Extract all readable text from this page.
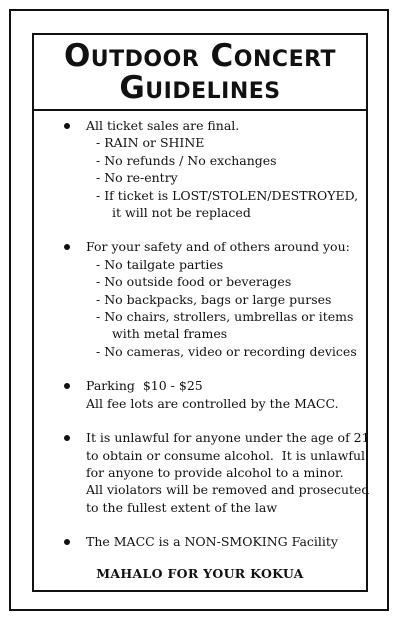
Outdoor Concert
Guidelines
All ticket sales are final.
- RAIN or SHINE
- No refunds / No exchanges
- No re-entry
- If ticket is LOST/STOLEN/DESTROYED,
it will not be replaced
For your safety and of others around you:
- No tailgate parties
- No outside food or beverages
- No backpacks, bags or large purses
- No chairs, strollers, umbrellas or items
with metal frames
- No cameras, video or recording devices
Parking  $10 - $25
All fee lots are controlled by the MACC.
It is unlawful for anyone under the age of 21
to obtain or consume alcohol.  It is unlawful
for anyone to provide alcohol to a minor.
All violators will be removed and prosecuted
to the fullest extent of the law
The MACC is a NON-SMOKING Facility
MAHALO FOR YOUR KOKUA
